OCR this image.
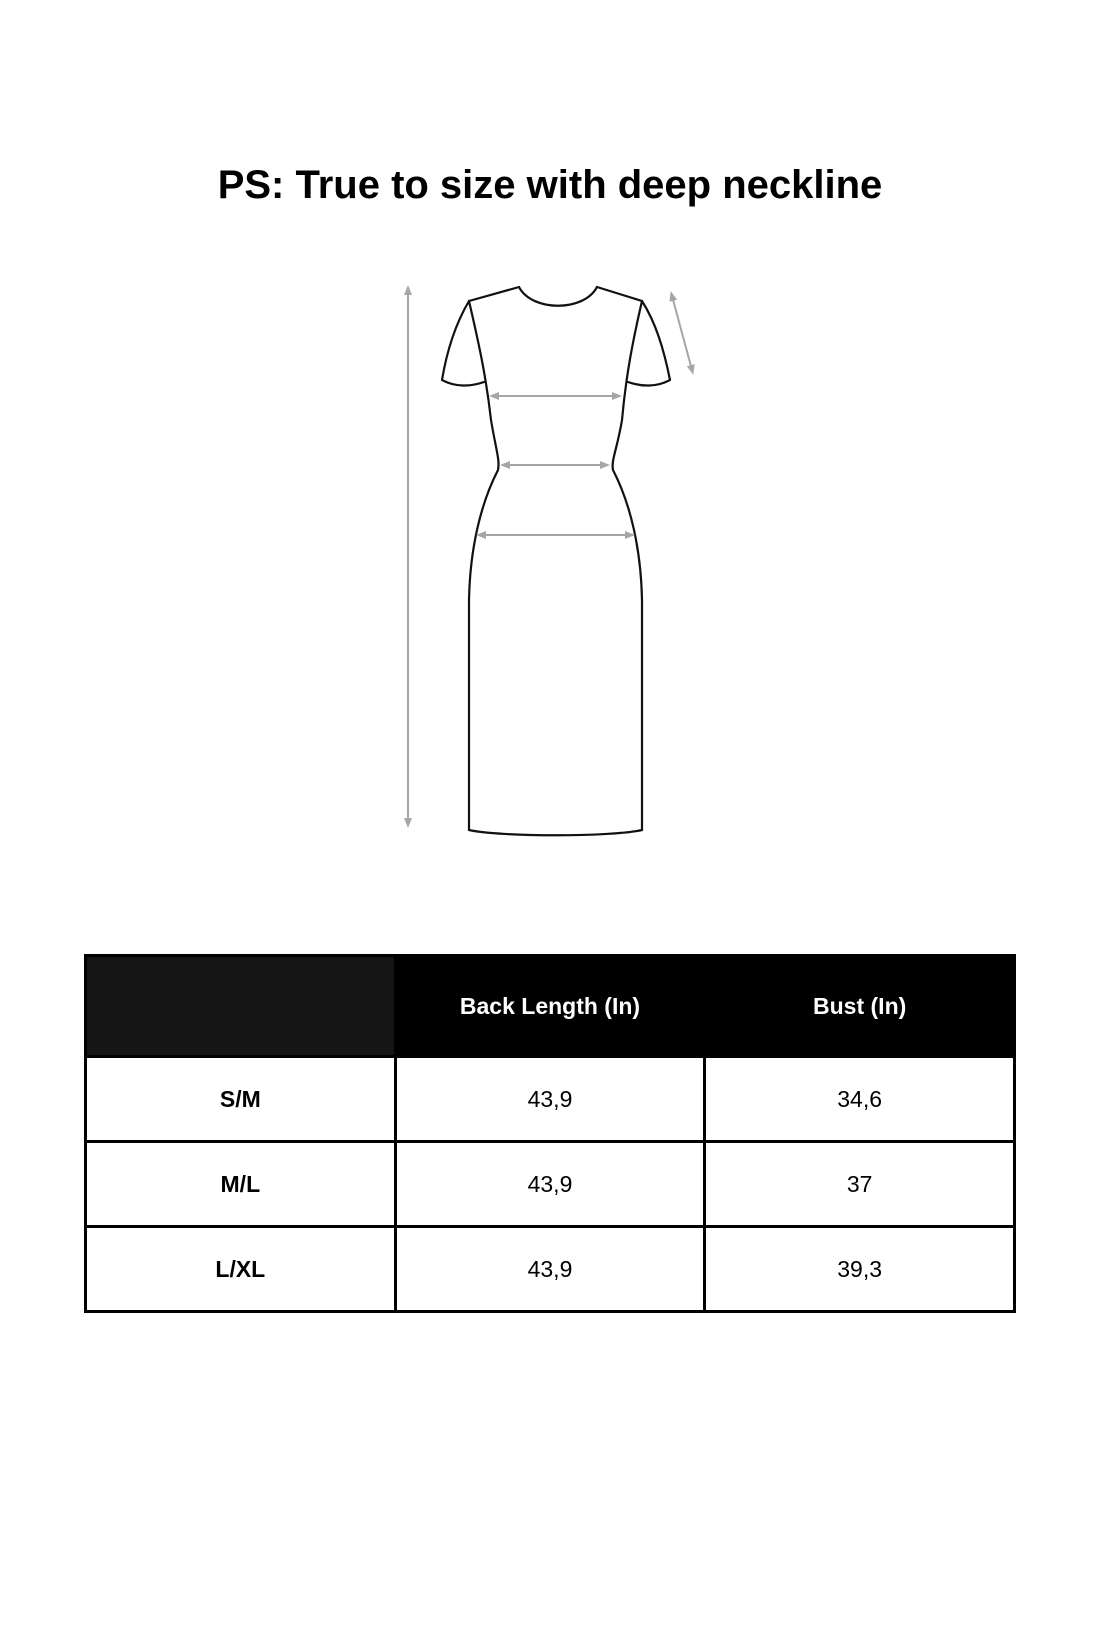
PS: True to size with deep neckline
	Back Length (In)	Bust (In)
S/M	43,9	34,6
M/L	43,9	37
L/XL	43,9	39,3
